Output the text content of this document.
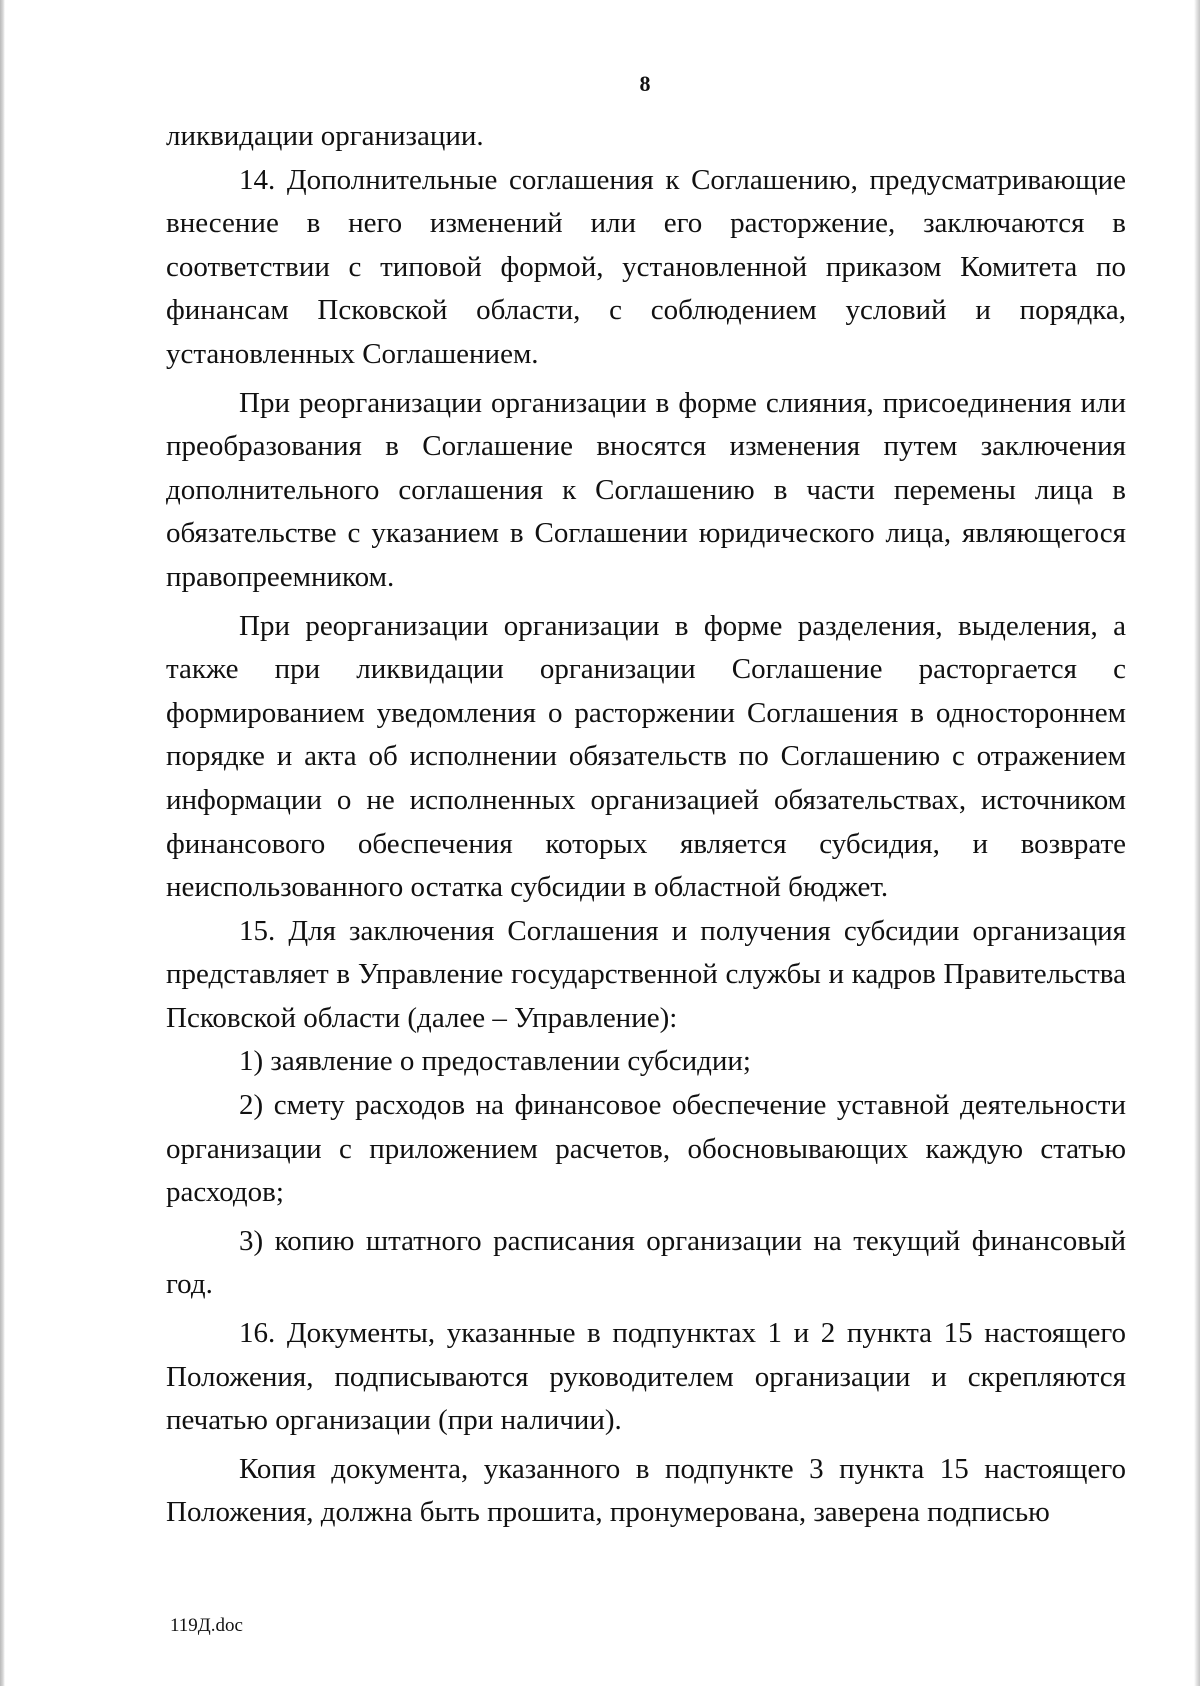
8

ликвидации организации.

14. Дополнительные соглашения к Соглашению, предусматривающие внесение в него изменений или его расторжение, заключаются в соответствии с типовой формой, установленной приказом Комитета по финансам Псковской области, с соблюдением условий и порядка, установленных Соглашением.

При реорганизации организации в форме слияния, присоединения или преобразования в Соглашение вносятся изменения путем заключения дополнительного соглашения к Соглашению в части перемены лица в обязательстве с указанием в Соглашении юридического лица, являющегося правопреемником.

При реорганизации организации в форме разделения, выделения, а также при ликвидации организации Соглашение расторгается с формированием уведомления о расторжении Соглашения в одностороннем порядке и акта об исполнении обязательств по Соглашению с отражением информации о не исполненных организацией обязательствах, источником финансового обеспечения которых является субсидия, и возврате неиспользованного остатка субсидии в областной бюджет.

15. Для заключения Соглашения и получения субсидии организация представляет в Управление государственной службы и кадров Правительства Псковской области (далее – Управление):

1) заявление о предоставлении субсидии;

2) смету расходов на финансовое обеспечение уставной деятельности организации с приложением расчетов, обосновывающих каждую статью расходов;

3) копию штатного расписания организации на текущий финансовый год.

16. Документы, указанные в подпунктах 1 и 2 пункта 15 настоящего Положения, подписываются руководителем организации и скрепляются печатью организации (при наличии).

Копия документа, указанного в подпункте 3 пункта 15 настоящего Положения, должна быть прошита, пронумерована, заверена подписью

119Д.doc
